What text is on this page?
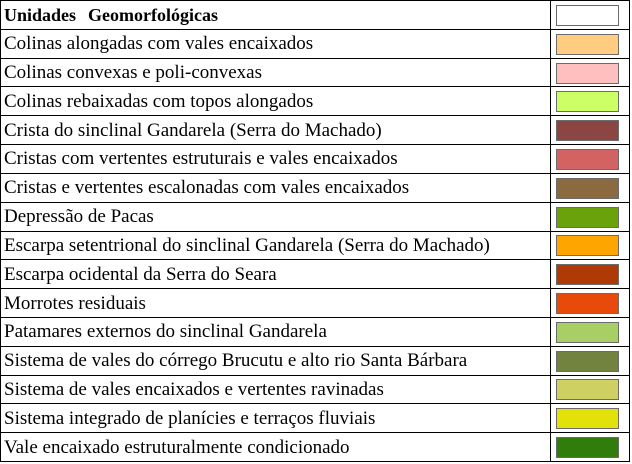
Unidades Geomorfológicas	

Colinas alongadas com vales encaixados	

Colinas convexas e poli-convexas	

Colinas rebaixadas com topos alongados	

Crista do sinclinal Gandarela (Serra do Machado)	

Cristas com vertentes estruturais e vales encaixados	

Cristas e vertentes escalonadas com vales encaixados	

Depressão de Pacas	

Escarpa setentrional do sinclinal Gandarela (Serra do Machado)	

Escarpa ocidental da Serra do Seara	

Morrotes residuais	

Patamares externos do sinclinal Gandarela	

Sistema de vales do córrego Brucutu e alto rio Santa Bárbara	

Sistema de vales encaixados e vertentes ravinadas	

Sistema integrado de planícies e terraços fluviais	

Vale encaixado estruturalmente condicionado	
